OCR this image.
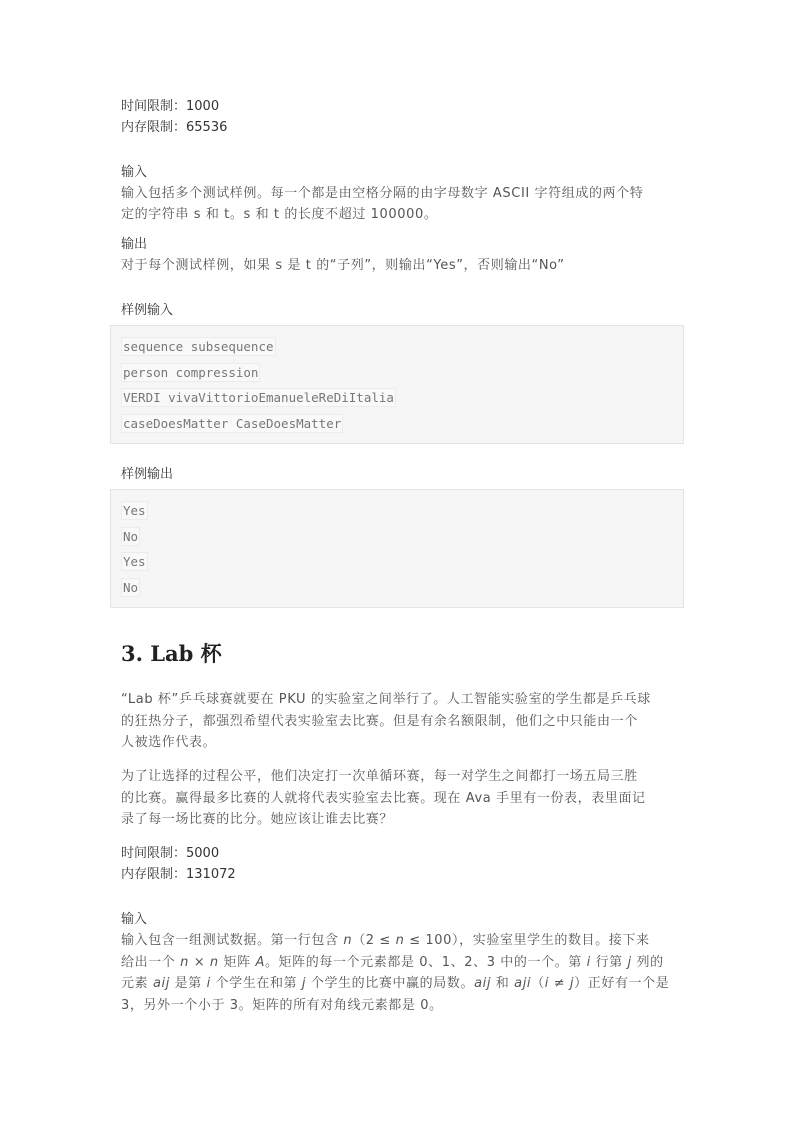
时间限制：1000
内存限制：65536
输入
输入包括多个测试样例。每一个都是由空格分隔的由字母数字 ASCII 字符组成的两个特
定的字符串 s 和 t。s 和 t 的长度不超过 100000。
输出
对于每个测试样例，如果 s 是 t 的“子列”，则输出“Yes”，否则输出“No”
样例输入
sequence subsequence
person compression
VERDI vivaVittorioEmanueleReDiItalia
caseDoesMatter CaseDoesMatter
样例输出
Yes
No
Yes
No
3. Lab 杯
“Lab 杯”乒乓球赛就要在 PKU 的实验室之间举行了。人工智能实验室的学生都是乒乓球
的狂热分子，都强烈希望代表实验室去比赛。但是有余名额限制，他们之中只能由一个
人被选作代表。
为了让选择的过程公平，他们决定打一次单循环赛，每一对学生之间都打一场五局三胜
的比赛。赢得最多比赛的人就将代表实验室去比赛。现在 Ava 手里有一份表，表里面记
录了每一场比赛的比分。她应该让谁去比赛？
时间限制：5000
内存限制：131072
输入
输入包含一组测试数据。第一行包含 n（2 ≤ n ≤ 100），实验室里学生的数目。接下来
给出一个 n × n 矩阵 A。矩阵的每一个元素都是 0、1、2、3 中的一个。第 i 行第 j 列的
元素 aij 是第 i 个学生在和第 j 个学生的比赛中赢的局数。aij 和 aji（i ≠ j）正好有一个是
3，另外一个小于 3。矩阵的所有对角线元素都是 0。
